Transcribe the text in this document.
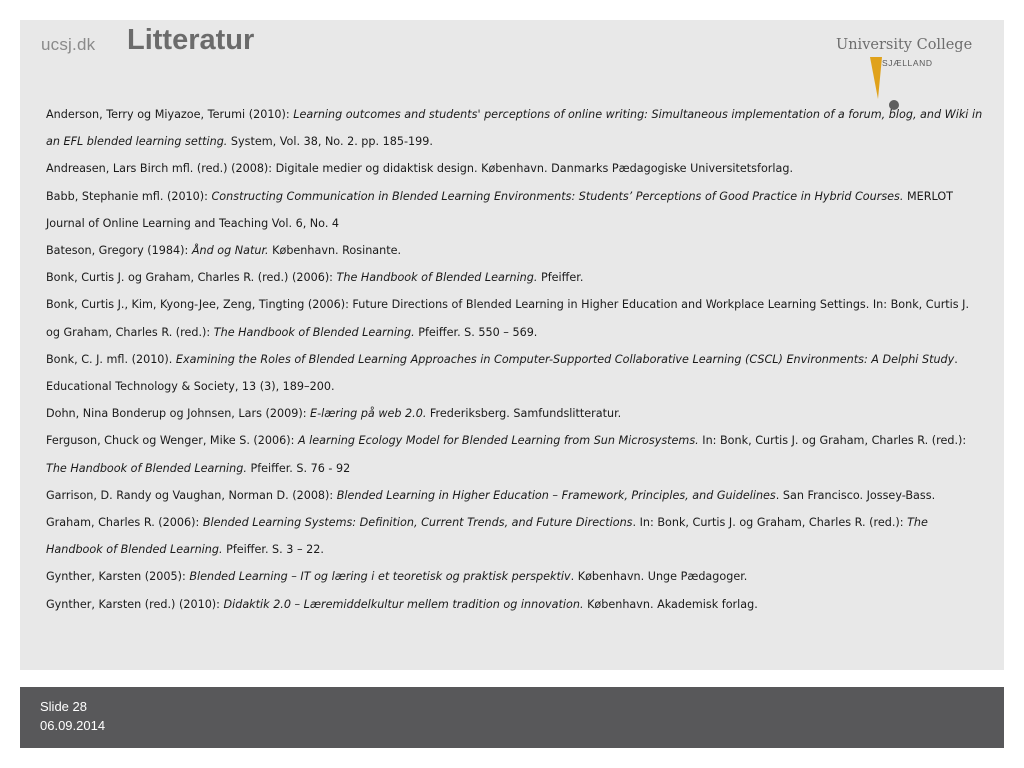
ucsj.dk Litteratur	University College
SJÆLLAND

Anderson, Terry og Miyazoe, Terumi (2010): Learning outcomes and students' perceptions of online writing: Simultaneous implementation of a forum, blog, and Wiki in an EFL blended learning setting. System, Vol. 38, No. 2. pp. 185-199.

Andreasen, Lars Birch mfl. (red.) (2008): Digitale medier og didaktisk design. København. Danmarks Pædagogiske Universitetsforlag.

Babb, Stephanie mfl. (2010): Constructing Communication in Blended Learning Environments: Students’ Perceptions of Good Practice in Hybrid Courses. MERLOT Journal of Online Learning and Teaching Vol. 6, No. 4

Bateson, Gregory (1984): Ånd og Natur. København. Rosinante.

Bonk, Curtis J. og Graham, Charles R. (red.) (2006): The Handbook of Blended Learning. Pfeiffer.

Bonk, Curtis J., Kim, Kyong-Jee, Zeng, Tingting (2006): Future Directions of Blended Learning in Higher Education and Workplace Learning Settings. In: Bonk, Curtis J. og Graham, Charles R. (red.): The Handbook of Blended Learning. Pfeiffer. S. 550 – 569.

Bonk, C. J. mfl. (2010). Examining the Roles of Blended Learning Approaches in Computer-Supported Collaborative Learning (CSCL) Environments: A Delphi Study. Educational Technology & Society, 13 (3), 189–200.

Dohn, Nina Bonderup og Johnsen, Lars (2009): E-læring på web 2.0. Frederiksberg. Samfundslitteratur.

Ferguson, Chuck og Wenger, Mike S. (2006): A learning Ecology Model for Blended Learning from Sun Microsystems. In: Bonk, Curtis J. og Graham, Charles R. (red.): The Handbook of Blended Learning. Pfeiffer. S. 76 - 92

Garrison, D. Randy og Vaughan, Norman D. (2008): Blended Learning in Higher Education – Framework, Principles, and Guidelines. San Francisco. Jossey-Bass.

Graham, Charles R. (2006): Blended Learning Systems: Definition, Current Trends, and Future Directions. In: Bonk, Curtis J. og Graham, Charles R. (red.): The Handbook of Blended Learning. Pfeiffer. S. 3 – 22.

Gynther, Karsten (2005): Blended Learning – IT og læring i et teoretisk og praktisk perspektiv. København. Unge Pædagoger.

Gynther, Karsten (red.) (2010): Didaktik 2.0 – Læremiddelkultur mellem tradition og innovation. København. Akademisk forlag.

Slide 28
06.09.2014
